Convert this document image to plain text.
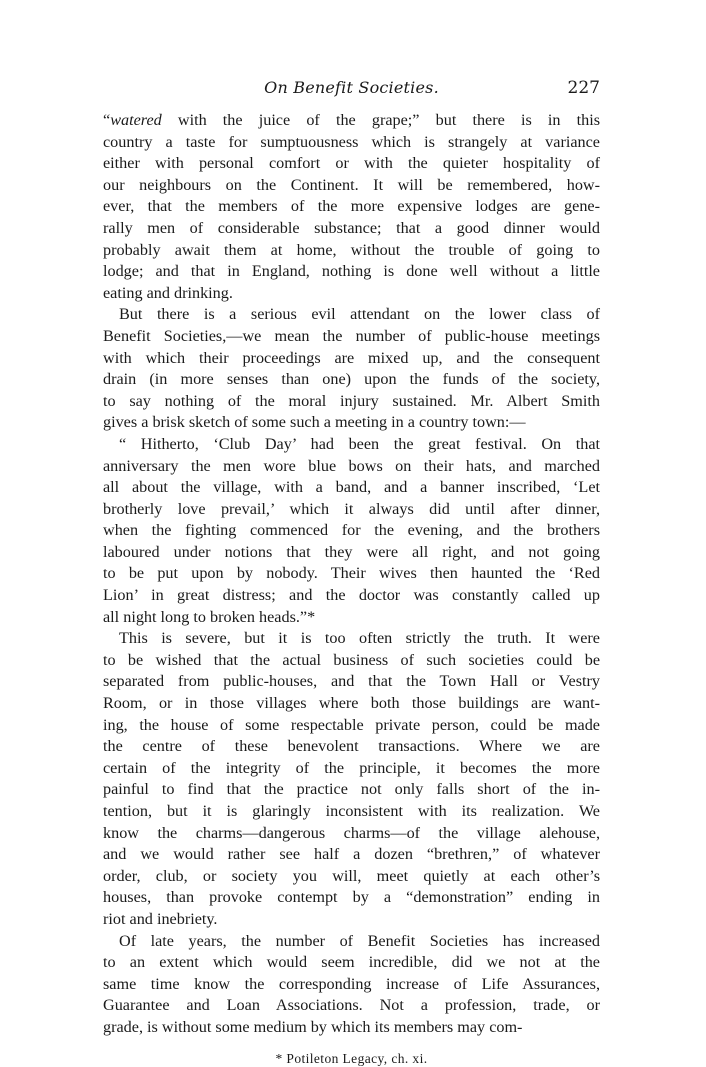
On Benefit Societies.	227
“watered with the juice of the grape;” but there is in this
country a taste for sumptuousness which is strangely at variance
either with personal comfort or with the quieter hospitality of
our neighbours on the Continent. It will be remembered, how-
ever, that the members of the more expensive lodges are gene-
rally men of considerable substance; that a good dinner would
probably await them at home, without the trouble of going to
lodge; and that in England, nothing is done well without a little
eating and drinking.
But there is a serious evil attendant on the lower class of
Benefit Societies,—we mean the number of public-house meetings
with which their proceedings are mixed up, and the consequent
drain (in more senses than one) upon the funds of the society,
to say nothing of the moral injury sustained. Mr. Albert Smith
gives a brisk sketch of some such a meeting in a country town:—
“ Hitherto, ‘Club Day’ had been the great festival. On that
anniversary the men wore blue bows on their hats, and marched
all about the village, with a band, and a banner inscribed, ‘Let
brotherly love prevail,’ which it always did until after dinner,
when the fighting commenced for the evening, and the brothers
laboured under notions that they were all right, and not going
to be put upon by nobody. Their wives then haunted the ‘Red
Lion’ in great distress; and the doctor was constantly called up
all night long to broken heads.”*
This is severe, but it is too often strictly the truth. It were
to be wished that the actual business of such societies could be
separated from public-houses, and that the Town Hall or Vestry
Room, or in those villages where both those buildings are want-
ing, the house of some respectable private person, could be made
the centre of these benevolent transactions. Where we are
certain of the integrity of the principle, it becomes the more
painful to find that the practice not only falls short of the in-
tention, but it is glaringly inconsistent with its realization. We
know the charms—dangerous charms—of the village alehouse,
and we would rather see half a dozen “brethren,” of whatever
order, club, or society you will, meet quietly at each other’s
houses, than provoke contempt by a “demonstration” ending in
riot and inebriety.
Of late years, the number of Benefit Societies has increased
to an extent which would seem incredible, did we not at the
same time know the corresponding increase of Life Assurances,
Guarantee and Loan Associations. Not a profession, trade, or
grade, is without some medium by which its members may com-
* Potileton Legacy, ch. xi.
